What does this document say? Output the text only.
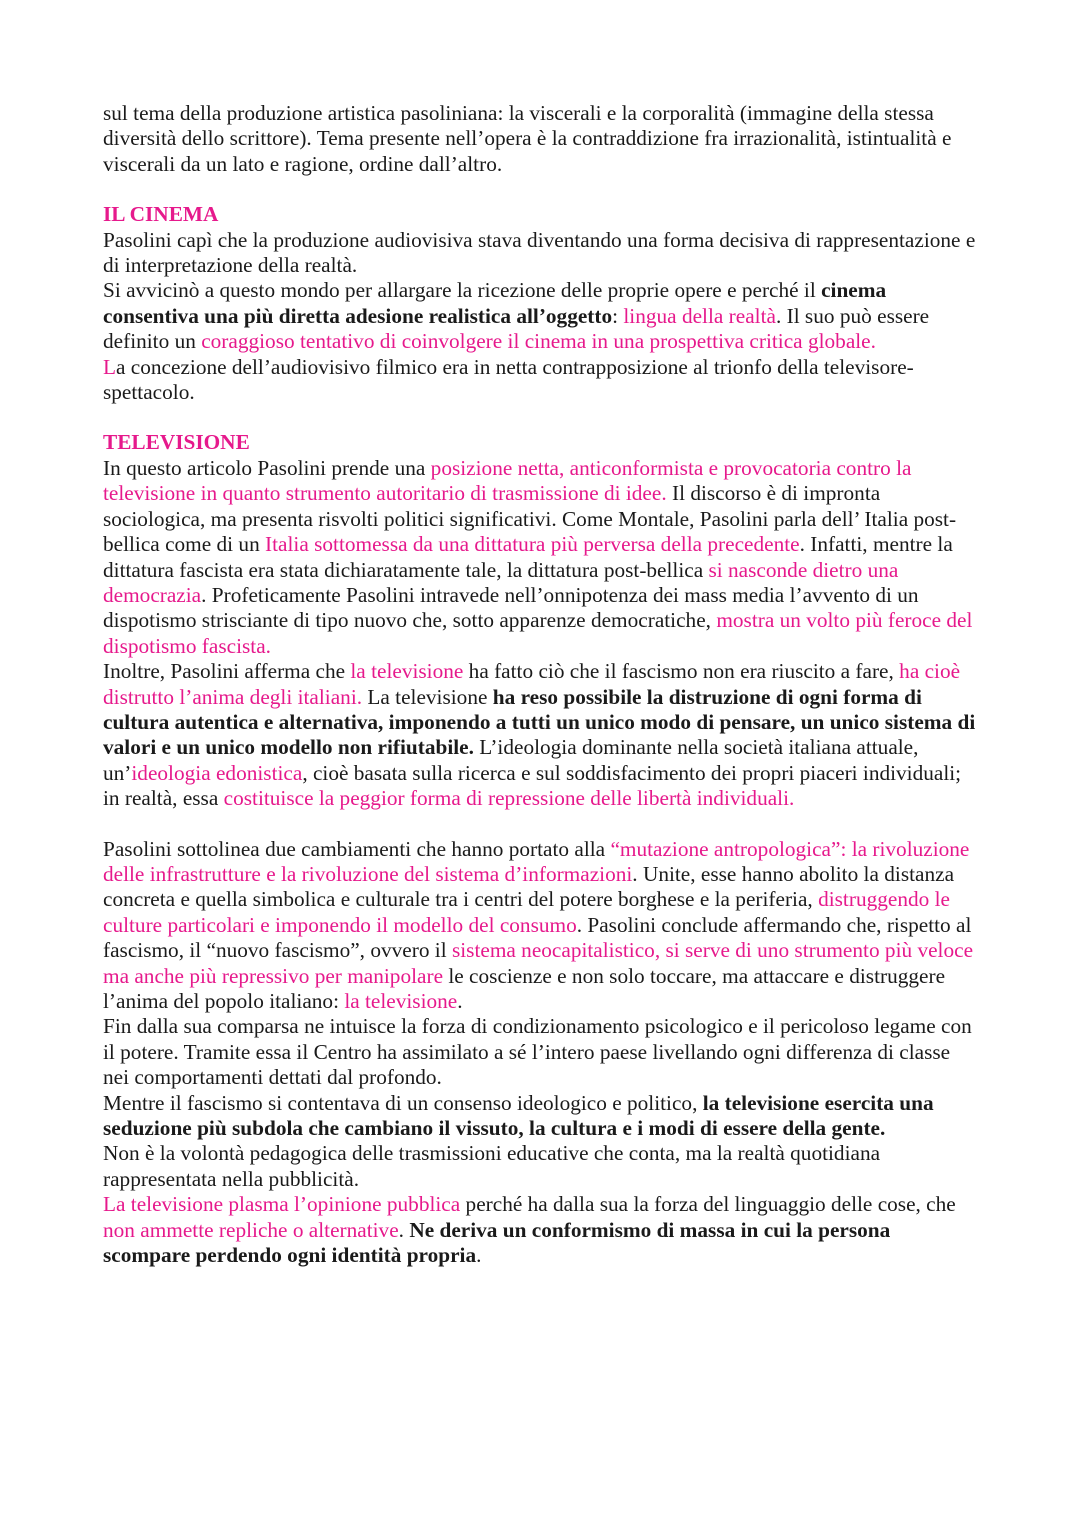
sul tema della produzione artistica pasoliniana: la viscerali e la corporalità (immagine della stessa diversità dello scrittore). Tema presente nell’opera è la contraddizione fra irrazionalità, istintualità e viscerali da un lato e ragione, ordine dall’altro.

IL CINEMA

Pasolini capì che la produzione audiovisiva stava diventando una forma decisiva di rappresentazione e di interpretazione della realtà.

Si avvicinò a questo mondo per allargare la ricezione delle proprie opere e perché il cinema consentiva una più diretta adesione realistica all’oggetto: lingua della realtà. Il suo può essere definito un coraggioso tentativo di coinvolgere il cinema in una prospettiva critica globale.

La concezione dell’audiovisivo filmico era in netta contrapposizione al trionfo della televisore-spettacolo.

TELEVISIONE

In questo articolo Pasolini prende una posizione netta, anticonformista e provocatoria contro la televisione in quanto strumento autoritario di trasmissione di idee. Il discorso è di impronta sociologica, ma presenta risvolti politici significativi. Come Montale, Pasolini parla dell’ Italia post- bellica come di un Italia sottomessa da una dittatura più perversa della precedente. Infatti, mentre la dittatura fascista era stata dichiaratamente tale, la dittatura post-bellica si nasconde dietro una democrazia. Profeticamente Pasolini intravede nell’onnipotenza dei mass media l’avvento di un dispotismo strisciante di tipo nuovo che, sotto apparenze democratiche, mostra un volto più feroce del dispotismo fascista.

Inoltre, Pasolini afferma che la televisione ha fatto ciò che il fascismo non era riuscito a fare, ha cioè distrutto l’anima degli italiani. La televisione ha reso possibile la distruzione di ogni forma di cultura autentica e alternativa, imponendo a tutti un unico modo di pensare, un unico sistema di valori e un unico modello non rifiutabile. L’ideologia dominante nella società italiana attuale, un’ideologia edonistica, cioè basata sulla ricerca e sul soddisfacimento dei propri piaceri individuali; in realtà, essa costituisce la peggior forma di repressione delle libertà individuali.

Pasolini sottolinea due cambiamenti che hanno portato alla “mutazione antropologica”: la rivoluzione delle infrastrutture e la rivoluzione del sistema d’informazioni. Unite, esse hanno abolito la distanza concreta e quella simbolica e culturale tra i centri del potere borghese e la periferia, distruggendo le culture particolari e imponendo il modello del consumo. Pasolini conclude affermando che, rispetto al fascismo, il “nuovo fascismo”, ovvero il sistema neocapitalistico, si serve di uno strumento più veloce ma anche più repressivo per manipolare le coscienze e non solo toccare, ma attaccare e distruggere l’anima del popolo italiano: la televisione.

Fin dalla sua comparsa ne intuisce la forza di condizionamento psicologico e il pericoloso legame con il potere. Tramite essa il Centro ha assimilato a sé l’intero paese livellando ogni differenza di classe nei comportamenti dettati dal profondo.

Mentre il fascismo si contentava di un consenso ideologico e politico, la televisione esercita una seduzione più subdola che cambiano il vissuto, la cultura e i modi di essere della gente.

Non è la volontà pedagogica delle trasmissioni educative che conta, ma la realtà quotidiana rappresentata nella pubblicità.

La televisione plasma l’opinione pubblica perché ha dalla sua la forza del linguaggio delle cose, che non ammette repliche o alternative. Ne deriva un conformismo di massa in cui la persona scompare perdendo ogni identità propria.
